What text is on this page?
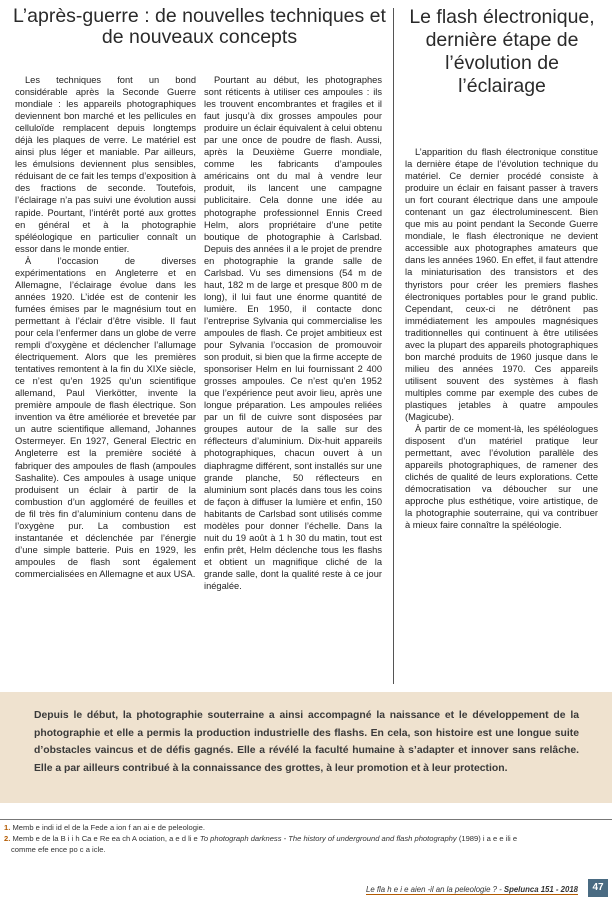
L’après-guerre : de nouvelles techniques et de nouveaux concepts
Le flash électronique, dernière étape de l’évolution de l’éclairage

Les techniques font un bond considérable après la Seconde Guerre mondiale : les appareils photographiques deviennent bon marché et les pellicules en celluloïde remplacent depuis longtemps déjà les plaques de verre. Le matériel est ainsi plus léger et maniable. Par ailleurs, les émulsions deviennent plus sensibles, réduisant de ce fait les temps d’exposition à des fractions de seconde. Toutefois, l’éclairage n’a pas suivi une évolution aussi rapide. Pourtant, l’intérêt porté aux grottes en général et à la photographie spéléologique en particulier connaît un essor dans le monde entier.

À l’occasion de diverses expérimentations en Angleterre et en Allemagne, l’éclairage évolue dans les années 1920. L’idée est de contenir les fumées émises par le magnésium tout en permettant à l’éclair d’être visible. Il faut pour cela l’enfermer dans un globe de verre rempli d’oxygène et déclencher l’allumage électriquement. Alors que les premières tentatives remontent à la fin du XIXe siècle, ce n’est qu’en 1925 qu’un scientifique allemand, Paul Vierkötter, invente la première ampoule de flash électrique. Son invention va être améliorée et brevetée par un autre scientifique allemand, Johannes Ostermeyer. En 1927, General Electric en Angleterre est la première société à fabriquer des ampoules de flash (ampoules Sashalite). Ces ampoules à usage unique produisent un éclair à partir de la combustion d’un aggloméré de feuilles et de fil très fin d’aluminium contenu dans de l’oxygène pur. La combustion est instantanée et déclenchée par l’énergie d’une simple batterie. Puis en 1929, les ampoules de flash sont également commercialisées en Allemagne et aux USA.

Pourtant au début, les photographes sont réticents à utiliser ces ampoules : ils les trouvent encombrantes et fragiles et il faut jusqu’à dix grosses ampoules pour produire un éclair équivalent à celui obtenu par une once de poudre de flash. Aussi, après la Deuxième Guerre mondiale, comme les fabricants d’ampoules américains ont du mal à vendre leur produit, ils lancent une campagne publicitaire. Cela donne une idée au photographe professionnel Ennis Creed Helm, alors propriétaire d’une petite boutique de photographie à Carlsbad. Depuis des années il a le projet de prendre en photographie la grande salle de Carlsbad. Vu ses dimensions (54 m de haut, 182 m de large et presque 800 m de long), il lui faut une énorme quantité de lumière. En 1950, il contacte donc l’entreprise Sylvania qui commercialise les ampoules de flash. Ce projet ambitieux est pour Sylvania l’occasion de promouvoir son produit, si bien que la firme accepte de sponsoriser Helm en lui fournissant 2 400 grosses ampoules. Ce n’est qu’en 1952 que l’expérience peut avoir lieu, après une longue préparation. Les ampoules reliées par un fil de cuivre sont disposées par groupes autour de la salle sur des réflecteurs d’aluminium. Dix-huit appareils photographiques, chacun ouvert à un diaphragme différent, sont installés sur une grande planche, 50 réflecteurs en aluminium sont placés dans tous les coins de façon à diffuser la lumière et enfin, 150 habitants de Carlsbad sont utilisés comme modèles pour donner l’échelle. Dans la nuit du 19 août à 1 h 30 du matin, tout est enfin prêt, Helm déclenche tous les flashs et obtient un magnifique cliché de la grande salle, dont la qualité reste à ce jour inégalée.

L’apparition du flash électronique constitue la dernière étape de l’évolution technique du matériel. Ce dernier procédé consiste à produire un éclair en faisant passer à travers un fort courant électrique dans une ampoule contenant un gaz électroluminescent. Bien que mis au point pendant la Seconde Guerre mondiale, le flash électronique ne devient accessible aux photographes amateurs que dans les années 1960. En effet, il faut attendre la miniaturisation des transistors et des thyristors pour créer les premiers flashes électroniques portables pour le grand public. Cependant, ceux-ci ne détrônent pas immédiatement les ampoules magnésiques traditionnelles qui continuent à être utilisées avec la plupart des appareils photographiques bon marché produits de 1960 jusque dans le milieu des années 1970. Ces appareils utilisent souvent des systèmes à flash multiples comme par exemple des cubes de plastiques jetables à quatre ampoules (Magicube).

À partir de ce moment-là, les spéléologues disposent d’un matériel pratique leur permettant, avec l’évolution parallèle des appareils photographiques, de ramener des clichés de qualité de leurs explorations. Cette démocratisation va déboucher sur une approche plus esthétique, voire artistique, de la photographie souterraine, qui va contribuer à mieux faire connaître la spéléologie.

Depuis le début, la photographie souterraine a ainsi accompagné la naissance et le développement de la photographie et elle a permis la production industrielle des flashs. En cela, son histoire est une longue suite d’obstacles vaincus et de défis gagnés. Elle a révélé la faculté humaine à s’adapter et innover sans relâche. Elle a par ailleurs contribué à la connaissance des grottes, à leur promotion et à leur protection.

1. Memb e indi id el de la Fede a ion f an ai e de peleologie.
2. Memb e de la B i i h Ca e Re ea ch A ociation, a e d li e To photograph darkness - The history of underground and flash photography (1989) i a e e ili e
comme efe ence po c a icle.
Le fla h e i e aien -il an la peleologie ? - Spelunca 151 - 2018	47
